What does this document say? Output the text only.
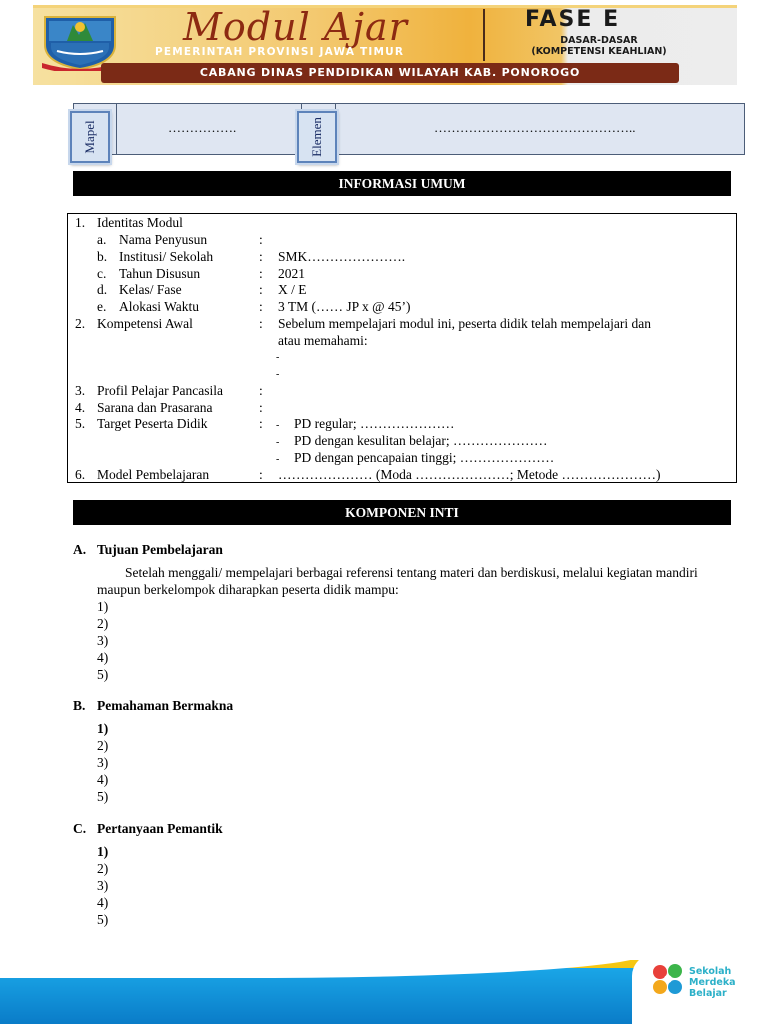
Modul Ajar
PEMERINTAH PROVINSI JAWA TIMUR
FASE E
DASAR-DASAR
(KOMPETENSI KEAHLIAN)
CABANG DINAS PENDIDIKAN WILAYAH KAB. PONOROGO
…………….	………………………………………..
Mapel	Elemen
INFORMASI UMUM
1. Identitas Modul
a. Nama Penyusun	:
b. Institusi/ Sekolah	: SMK………………….
c. Tahun Disusun	: 2021
d. Kelas/ Fase	: X / E
e. Alokasi Waktu	: 3 TM (…… JP x @ 45’)
2. Kompetensi Awal	: Sebelum mempelajari modul ini, peserta didik telah mempelajari dan
atau memahami:
-
-
3. Profil Pelajar Pancasila	:
4. Sarana dan Prasarana	:
5. Target Peserta Didik	: - PD regular; …………………
- PD dengan kesulitan belajar; …………………
- PD dengan pencapaian tinggi; …………………
6. Model Pembelajaran	: ………………… (Moda …………………; Metode …………………)
KOMPONEN INTI
A. Tujuan Pembelajaran
Setelah menggali/ mempelajari berbagai referensi tentang materi dan berdiskusi, melalui kegiatan mandiri maupun berkelompok diharapkan peserta didik mampu:
1)
2)
3)
4)
5)
B. Pemahaman Bermakna
1)
2)
3)
4)
5)
C. Pertanyaan Pemantik
1)
2)
3)
4)
5)
Sekolah
Merdeka
Belajar
